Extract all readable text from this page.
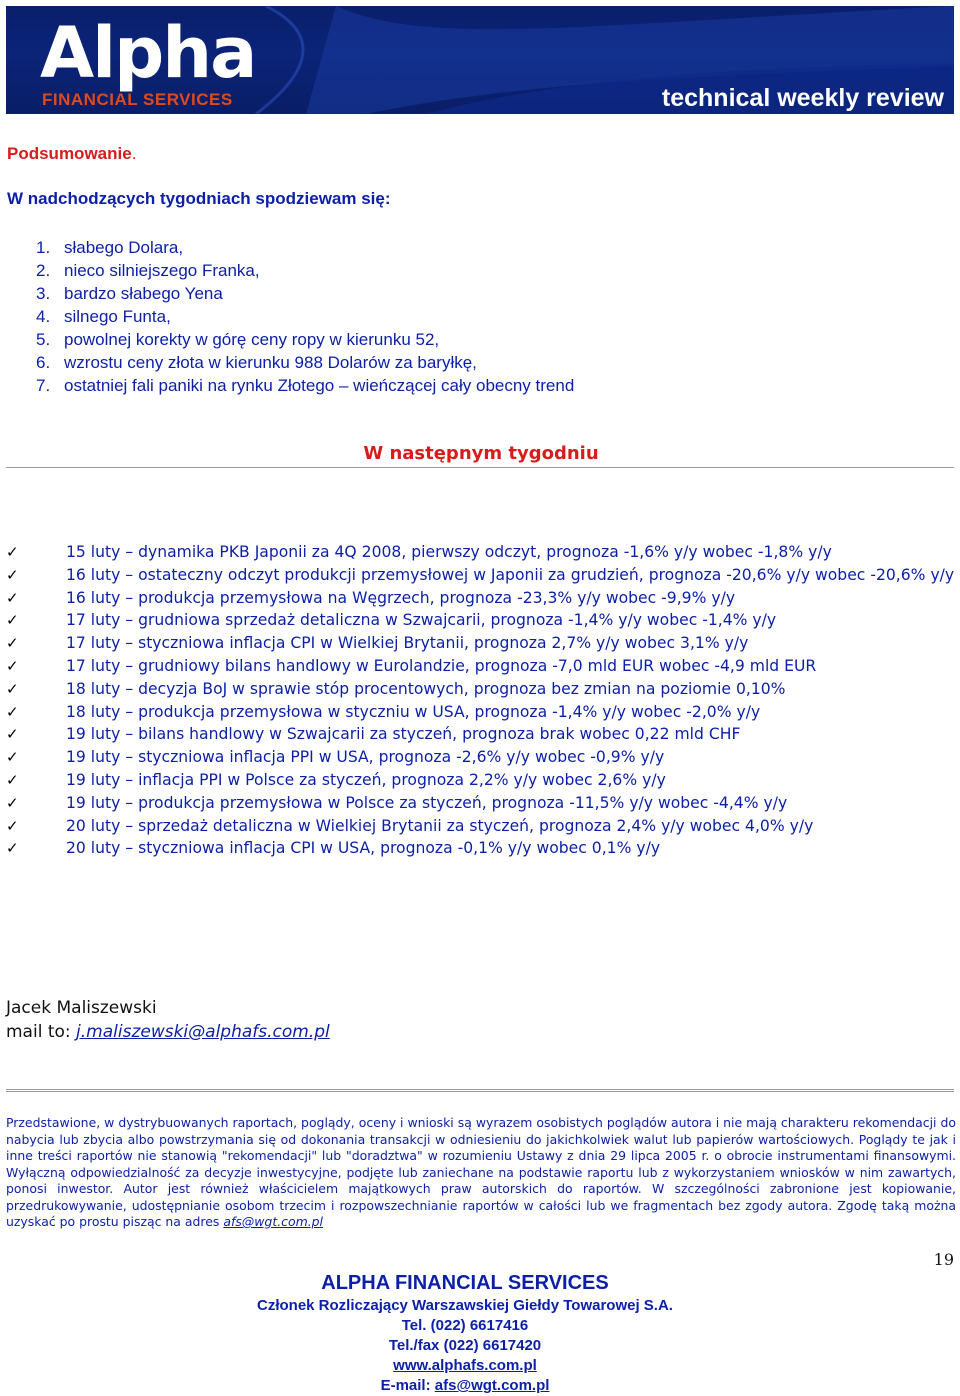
Alpha
FINANCIAL SERVICES	technical weekly review
Podsumowanie.
W nadchodzących tygodniach spodziewam się:
1. słabego Dolara,
2. nieco silniejszego Franka,
3. bardzo słabego Yena
4. silnego Funta,
5. powolnej korekty w górę ceny ropy w kierunku 52,
6. wzrostu ceny złota w kierunku 988 Dolarów za baryłkę,
7. ostatniej fali paniki na rynku Złotego – wieńczącej cały obecny trend
W następnym tygodniu
✓	15 luty – dynamika PKB Japonii za 4Q 2008, pierwszy odczyt, prognoza -1,6% y/y wobec -1,8% y/y
✓	16 luty – ostateczny odczyt produkcji przemysłowej w Japonii za grudzień, prognoza -20,6% y/y wobec -20,6% y/y
✓	16 luty – produkcja przemysłowa na Węgrzech, prognoza -23,3% y/y wobec -9,9% y/y
✓	17 luty – grudniowa sprzedaż detaliczna w Szwajcarii, prognoza -1,4% y/y wobec -1,4% y/y
✓	17 luty – styczniowa inflacja CPI w Wielkiej Brytanii, prognoza 2,7% y/y wobec 3,1% y/y
✓	17 luty – grudniowy bilans handlowy w Eurolandzie, prognoza -7,0 mld EUR wobec -4,9 mld EUR
✓	18 luty – decyzja BoJ w sprawie stóp procentowych, prognoza bez zmian na poziomie 0,10%
✓	18 luty – produkcja przemysłowa w styczniu w USA, prognoza -1,4% y/y wobec -2,0% y/y
✓	19 luty – bilans handlowy w Szwajcarii za styczeń, prognoza brak wobec 0,22 mld CHF
✓	19 luty – styczniowa inflacja PPI w USA, prognoza -2,6% y/y wobec -0,9% y/y
✓	19 luty – inflacja PPI w Polsce za styczeń, prognoza 2,2% y/y wobec 2,6% y/y
✓	19 luty – produkcja przemysłowa w Polsce za styczeń, prognoza -11,5% y/y wobec -4,4% y/y
✓	20 luty – sprzedaż detaliczna w Wielkiej Brytanii za styczeń, prognoza 2,4% y/y wobec 4,0% y/y
✓	20 luty – styczniowa inflacja CPI w USA, prognoza -0,1% y/y wobec 0,1% y/y
Jacek Maliszewski
mail to: j.maliszewski@alphafs.com.pl
Przedstawione, w dystrybuowanych raportach, poglądy, oceny i wnioski są wyrazem osobistych poglądów autora i nie mają charakteru rekomendacji do nabycia lub zbycia albo powstrzymania się od dokonania transakcji w odniesieniu do jakichkolwiek walut lub papierów wartościowych. Poglądy te jak i inne treści raportów nie stanowią "rekomendacji" lub "doradztwa" w rozumieniu Ustawy z dnia 29 lipca 2005 r. o obrocie instrumentami finansowymi. Wyłączną odpowiedzialność za decyzje inwestycyjne, podjęte lub zaniechane na podstawie raportu lub z wykorzystaniem wniosków w nim zawartych, ponosi inwestor. Autor jest również właścicielem majątkowych praw autorskich do raportów. W szczególności zabronione jest kopiowanie, przedrukowywanie, udostępnianie osobom trzecim i rozpowszechnianie raportów w całości lub we fragmentach bez zgody autora. Zgodę taką można uzyskać po prostu pisząc na adres afs@wgt.com.pl
19
ALPHA FINANCIAL SERVICES
Członek Rozliczający Warszawskiej Giełdy Towarowej S.A.
Tel. (022) 6617416
Tel./fax (022) 6617420
www.alphafs.com.pl
E-mail: afs@wgt.com.pl
